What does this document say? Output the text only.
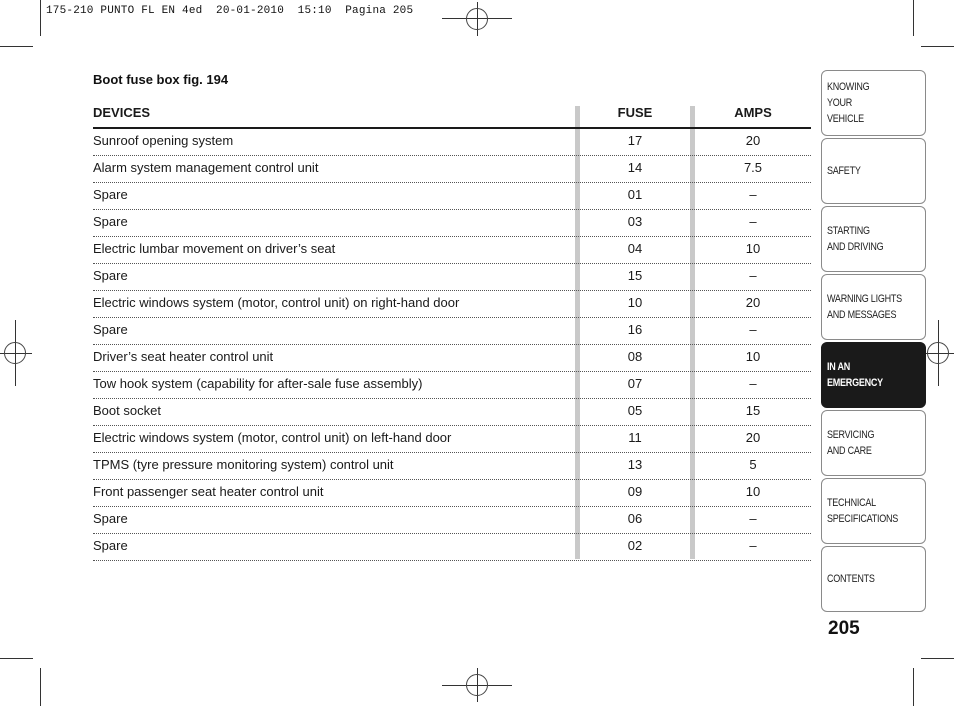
175-210 PUNTO FL EN 4ed  20-01-2010  15:10  Pagina 205
Boot fuse box fig. 194
DEVICES	FUSE	AMPS
Sunroof opening system	17	20
Alarm system management control unit	14	7.5
Spare	01	–
Spare	03	–
Electric lumbar movement on driver’s seat	04	10
Spare	15	–
Electric windows system (motor, control unit) on right-hand door	10	20
Spare	16	–
Driver’s seat heater control unit	08	10
Tow hook system (capability for after-sale fuse assembly)	07	–
Boot socket	05	15
Electric windows system (motor, control unit) on left-hand door	11	20
TPMS (tyre pressure monitoring system) control unit	13	5
Front passenger seat heater control unit	09	10
Spare	06	–
Spare	02	–
KNOWING
YOUR
VEHICLE
SAFETY
STARTING
AND DRIVING
WARNING LIGHTS
AND MESSAGES
IN AN
EMERGENCY
SERVICING
AND CARE
TECHNICAL
SPECIFICATIONS
CONTENTS
205
